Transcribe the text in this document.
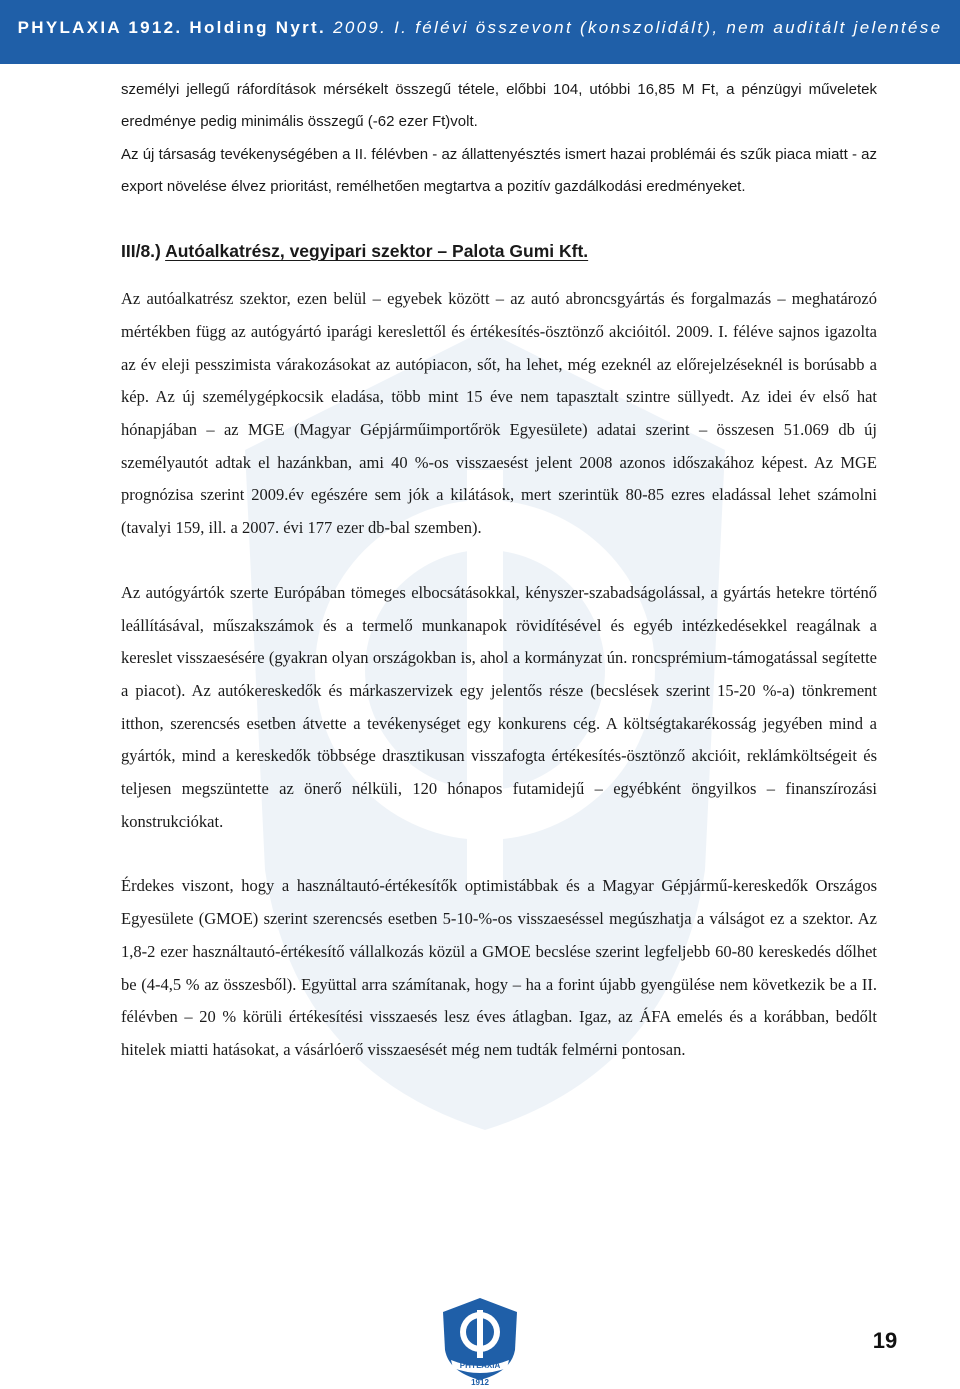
PHYLAXIA 1912. Holding Nyrt. 2009. I. félévi összevont (konszolidált), nem auditált jelentése

személyi jellegű ráfordítások mérsékelt összegű tétele, előbbi 104, utóbbi 16,85 M Ft, a pénzügyi műveletek eredménye pedig minimális összegű (-62 ezer Ft)volt.

Az új társaság tevékenységében a II. félévben - az állattenyésztés ismert hazai problémái és szűk piaca miatt - az export növelése élvez prioritást, remélhetően megtartva a pozitív gazdálkodási eredményeket.

III/8.) Autóalkatrész, vegyipari szektor – Palota Gumi Kft.

Az autóalkatrész szektor, ezen belül – egyebek között – az autó abroncsgyártás és forgalmazás – meghatározó mértékben függ az autógyártó iparági kereslettől és értékesítés-ösztönző akcióitól. 2009. I. féléve sajnos igazolta az év eleji pesszimista várakozásokat az autópiacon, sőt, ha lehet, még ezeknél az előrejelzéseknél is borúsabb a kép. Az új személygépkocsik eladása, több mint 15 éve nem tapasztalt szintre süllyedt. Az idei év első hat hónapjában – az MGE (Magyar Gépjárműimportőrök Egyesülete) adatai szerint – összesen 51.069 db új személyautót adtak el hazánkban, ami 40 %-os visszaesést jelent 2008 azonos időszakához képest. Az MGE prognózisa szerint 2009.év egészére sem jók a kilátások, mert szerintük 80-85 ezres eladással lehet számolni (tavalyi 159, ill. a 2007. évi 177 ezer db-bal szemben).

Az autógyártók szerte Európában tömeges elbocsátásokkal, kényszer-szabadságolással, a gyártás hetekre történő leállításával, műszakszámok és a termelő munkanapok rövidítésével és egyéb intézkedésekkel reagálnak a kereslet visszaesésére (gyakran olyan országokban is, ahol a kormányzat ún. roncsprémium-támogatással segítette a piacot). Az autókereskedők és márkaszervizek egy jelentős része (becslések szerint 15-20 %-a) tönkrement itthon, szerencsés esetben átvette a tevékenységet egy konkurens cég. A költségtakarékosság jegyében mind a gyártók, mind a kereskedők többsége drasztikusan visszafogta értékesítés-ösztönző akcióit, reklámköltségeit és teljesen megszüntette az önerő nélküli, 120 hónapos futamidejű – egyébként öngyilkos – finanszírozási konstrukciókat.

Érdekes viszont, hogy a használtautó-értékesítők optimistábbak és a Magyar Gépjármű-kereskedők Országos Egyesülete (GMOE) szerint szerencsés esetben 5-10-%-os visszaeséssel megúszhatja a válságot ez a szektor. Az 1,8-2 ezer használtautó-értékesítő vállalkozás közül a GMOE becslése szerint legfeljebb 60-80 kereskedés dőlhet be (4-4,5 % az összesből). Együttal arra számítanak, hogy – ha a forint újabb gyengülése nem következik be a II. félévben – 20 % körüli értékesítési visszaesés lesz éves átlagban. Igaz, az ÁFA emelés és a korábban, bedőlt hitelek miatti hatásokat, a vásárlóerő visszaesését még nem tudták felmérni pontosan.

PHYLAXIA
1912
19
